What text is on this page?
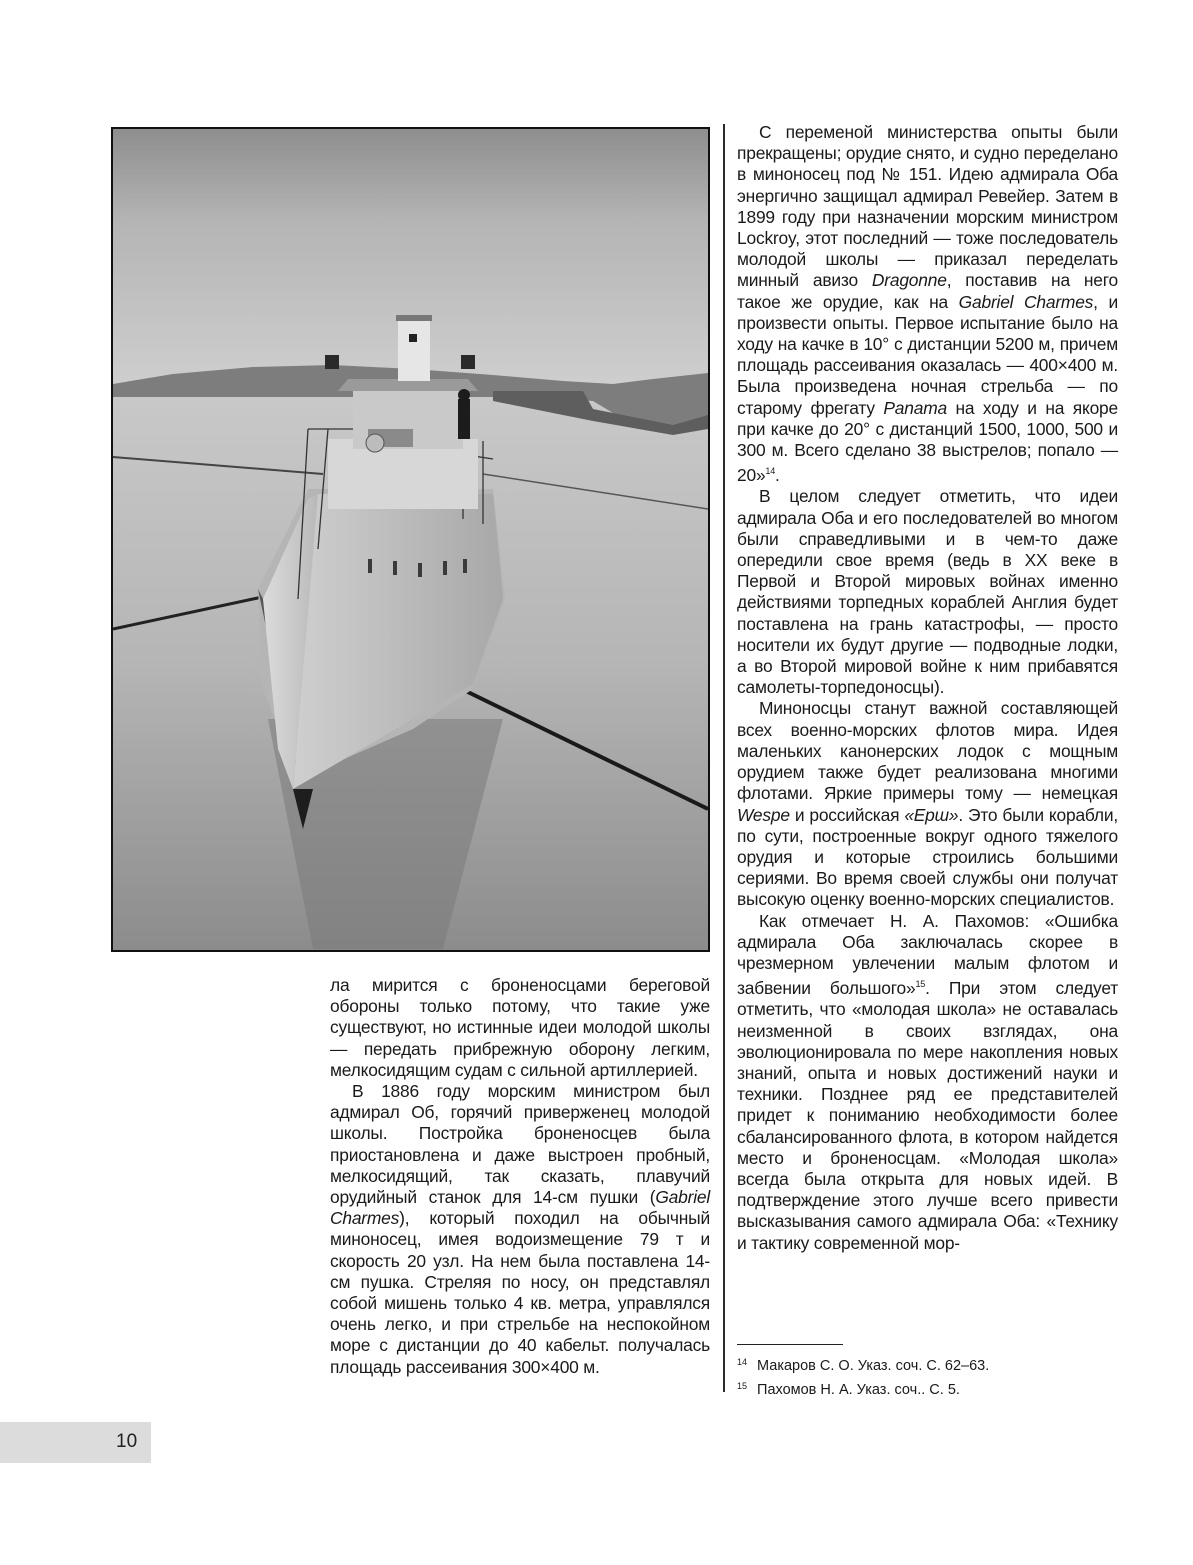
ла мирится с броненосцами береговой обороны только потому, что такие уже существуют, но истинные идеи молодой школы — передать прибрежную оборону легким, мелкосидящим судам с сильной артиллерией.

В 1886 году морским министром был адмирал Об, горячий приверженец молодой школы. Постройка броненосцев была приостановлена и даже выстроен пробный, мелкосидящий, так сказать, плавучий орудийный станок для 14-см пушки (Gabriel Charmes), который походил на обычный миноносец, имея водоизмещение 79 т и скорость 20 узл. На нем была поставлена 14-см пушка. Стреляя по носу, он представлял собой мишень только 4 кв. метра, управлялся очень легко, и при стрельбе на неспокойном море с дистанции до 40 кабельт. получалась площадь рассеивания 300×400 м.

С переменой министерства опыты были прекращены; орудие снято, и судно переделано в миноносец под № 151. Идею адмирала Оба энергично защищал адмирал Ревейер. Затем в 1899 году при назначении морским министром Lockroy, этот последний — тоже последователь молодой школы — приказал переделать минный авизо Dragonne, поставив на него такое же орудие, как на Gabriel Charmes, и произвести опыты. Первое испытание было на ходу на качке в 10° с дистанции 5200 м, причем площадь рассеивания оказалась — 400×400 м. Была произведена ночная стрельба — по старому фрегату Panama на ходу и на якоре при качке до 20° с дистанций 1500, 1000, 500 и 300 м. Всего сделано 38 выстрелов; попало — 20»$^{14}$.

В целом следует отметить, что идеи адмирала Оба и его последователей во многом были справедливыми и в чем-то даже опередили свое время (ведь в XX веке в Первой и Второй мировых войнах именно действиями торпедных кораблей Англия будет поставлена на грань катастрофы, — просто носители их будут другие — подводные лодки, а во Второй мировой войне к ним прибавятся самолеты-торпедоносцы).

Миноносцы станут важной составляющей всех военно-морских флотов мира. Идея маленьких канонерских лодок с мощным орудием также будет реализована многими флотами. Яркие примеры тому — немецкая Wespe и российская «Ерш». Это были корабли, по сути, построенные вокруг одного тяжелого орудия и которые строились большими сериями. Во время своей службы они получат высокую оценку военно-морских специалистов.

Как отмечает Н. А. Пахомов: «Ошибка адмирала Оба заключалась скорее в чрезмерном увлечении малым флотом и забвении большого»$^{15}$. При этом следует отметить, что «молодая школа» не оставалась неизменной в своих взглядах, она эволюционировала по мере накопления новых знаний, опыта и новых достижений науки и техники. Позднее ряд ее представителей придет к пониманию необходимости более сбалансированного флота, в котором найдется место и броненосцам. «Молодая школа» всегда была открыта для новых идей. В подтверждение этого лучше всего привести высказывания самого адмирала Оба: «Технику и тактику современной мор-

$^{14}$ Макаров С. О. Указ. соч. С. 62–63.
$^{15}$ Пахомов Н. А. Указ. соч.. С. 5.
10
